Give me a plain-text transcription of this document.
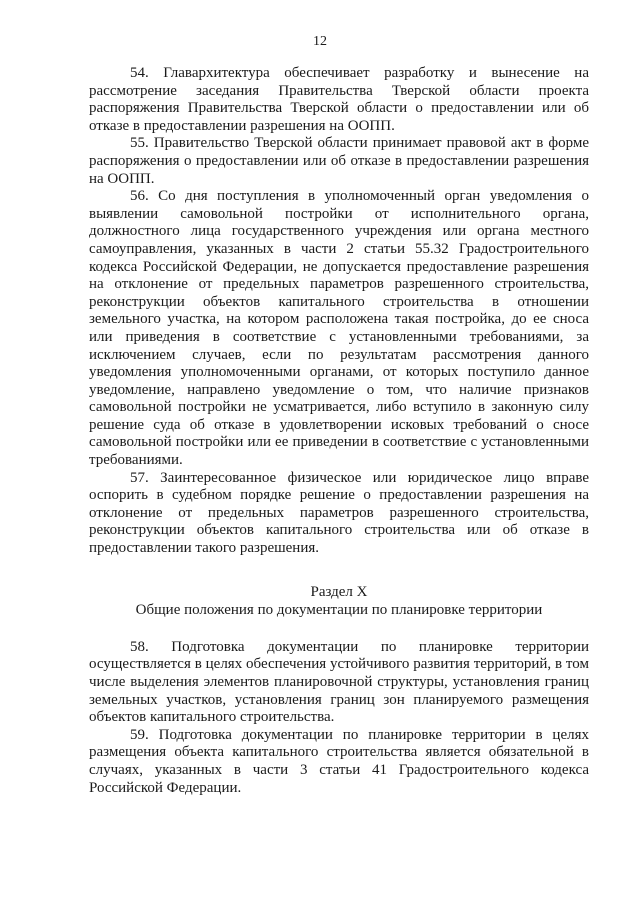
12

54. Главархитектура обеспечивает разработку и вынесение на рассмотрение заседания Правительства Тверской области проекта распоряжения Правительства Тверской области о предоставлении или об отказе в предоставлении разрешения на ООПП.

55. Правительство Тверской области принимает правовой акт в форме распоряжения о предоставлении или об отказе в предоставлении разрешения на ООПП.

56. Со дня поступления в уполномоченный орган уведомления о выявлении самовольной постройки от исполнительного органа, должностного лица государственного учреждения или органа местного самоуправления, указанных в части 2 статьи 55.32 Градостроительного кодекса Российской Федерации, не допускается предоставление разрешения на отклонение от предельных параметров разрешенного строительства, реконструкции объектов капитального строительства в отношении земельного участка, на котором расположена такая постройка, до ее сноса или приведения в соответствие с установленными требованиями, за исключением случаев, если по результатам рассмотрения данного уведомления уполномоченными органами, от которых поступило данное уведомление, направлено уведомление о том, что наличие признаков самовольной постройки не усматривается, либо вступило в законную силу решение суда об отказе в удовлетворении исковых требований о сносе самовольной постройки или ее приведении в соответствие с установленными требованиями.

57. Заинтересованное физическое или юридическое лицо вправе оспорить в судебном порядке решение о предоставлении разрешения на отклонение от предельных параметров разрешенного строительства, реконструкции объектов капитального строительства или об отказе в предоставлении такого разрешения.

Раздел X

Общие положения по документации по планировке территории

58. Подготовка документации по планировке территории осуществляется в целях обеспечения устойчивого развития территорий, в том числе выделения элементов планировочной структуры, установления границ земельных участков, установления границ зон планируемого размещения объектов капитального строительства.

59. Подготовка документации по планировке территории в целях размещения объекта капитального строительства является обязательной в случаях, указанных в части 3 статьи 41 Градостроительного кодекса Российской Федерации.
